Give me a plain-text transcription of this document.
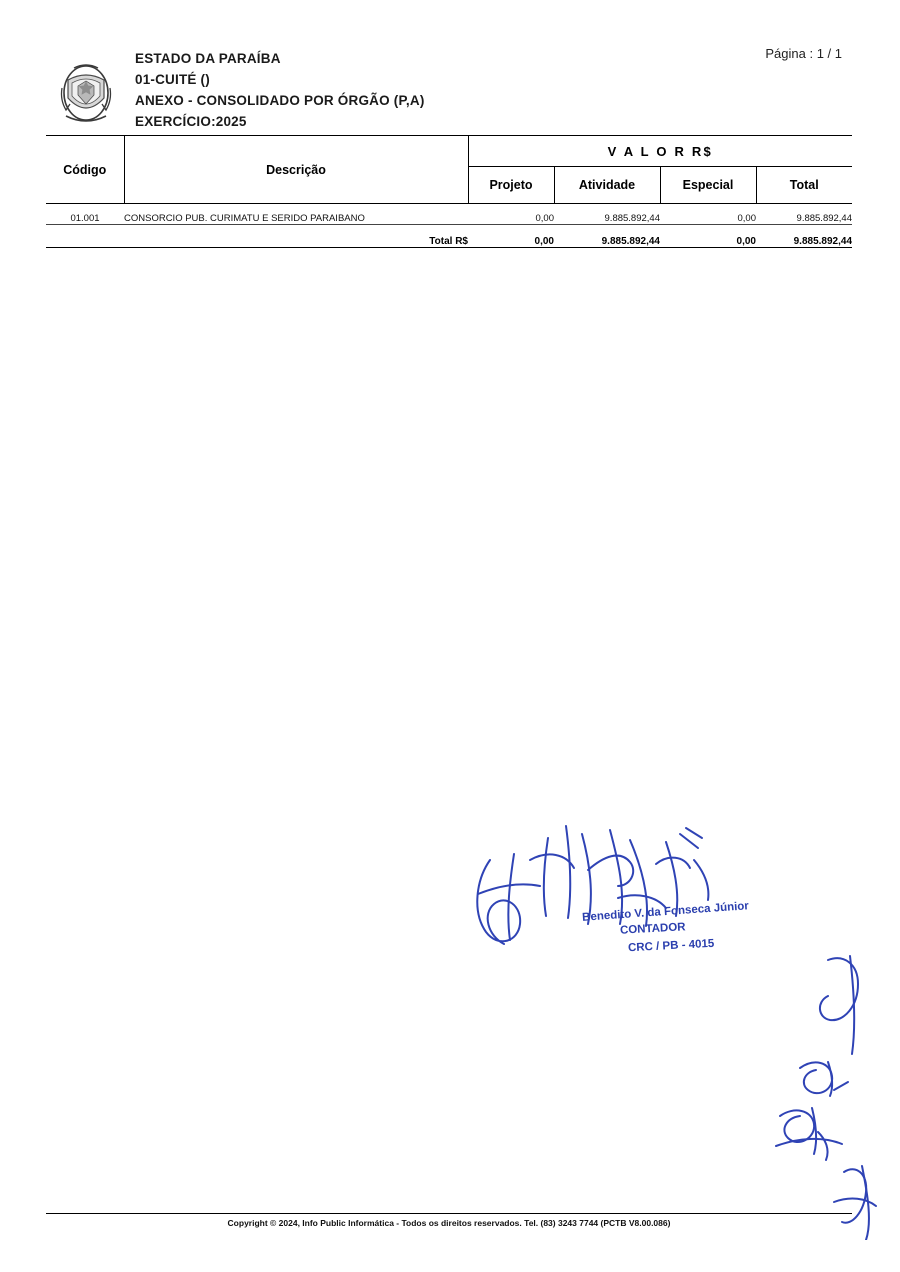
ESTADO DA PARAÍBA
01-CUITÉ ()
ANEXO - CONSOLIDADO POR ÓRGÃO (P,A)
EXERCÍCIO:2025
Página : 1 / 1
Código	Descrição	V A L O R R$			
		Projeto	Atividade	Especial	Total

01.001	CONSORCIO PUB. CURIMATU E SERIDO PARAIBANO	0,00	9.885.892,44	0,00	9.885.892,44

Total R$		0,00	9.885.892,44	0,00	9.885.892,44

Benedito V. da Fonseca Júnior
CONTADOR
CRC / PB - 4015
Copyright © 2024, Info Public Informática - Todos os direitos reservados. Tel. (83) 3243 7744 (PCTB V8.00.086)
